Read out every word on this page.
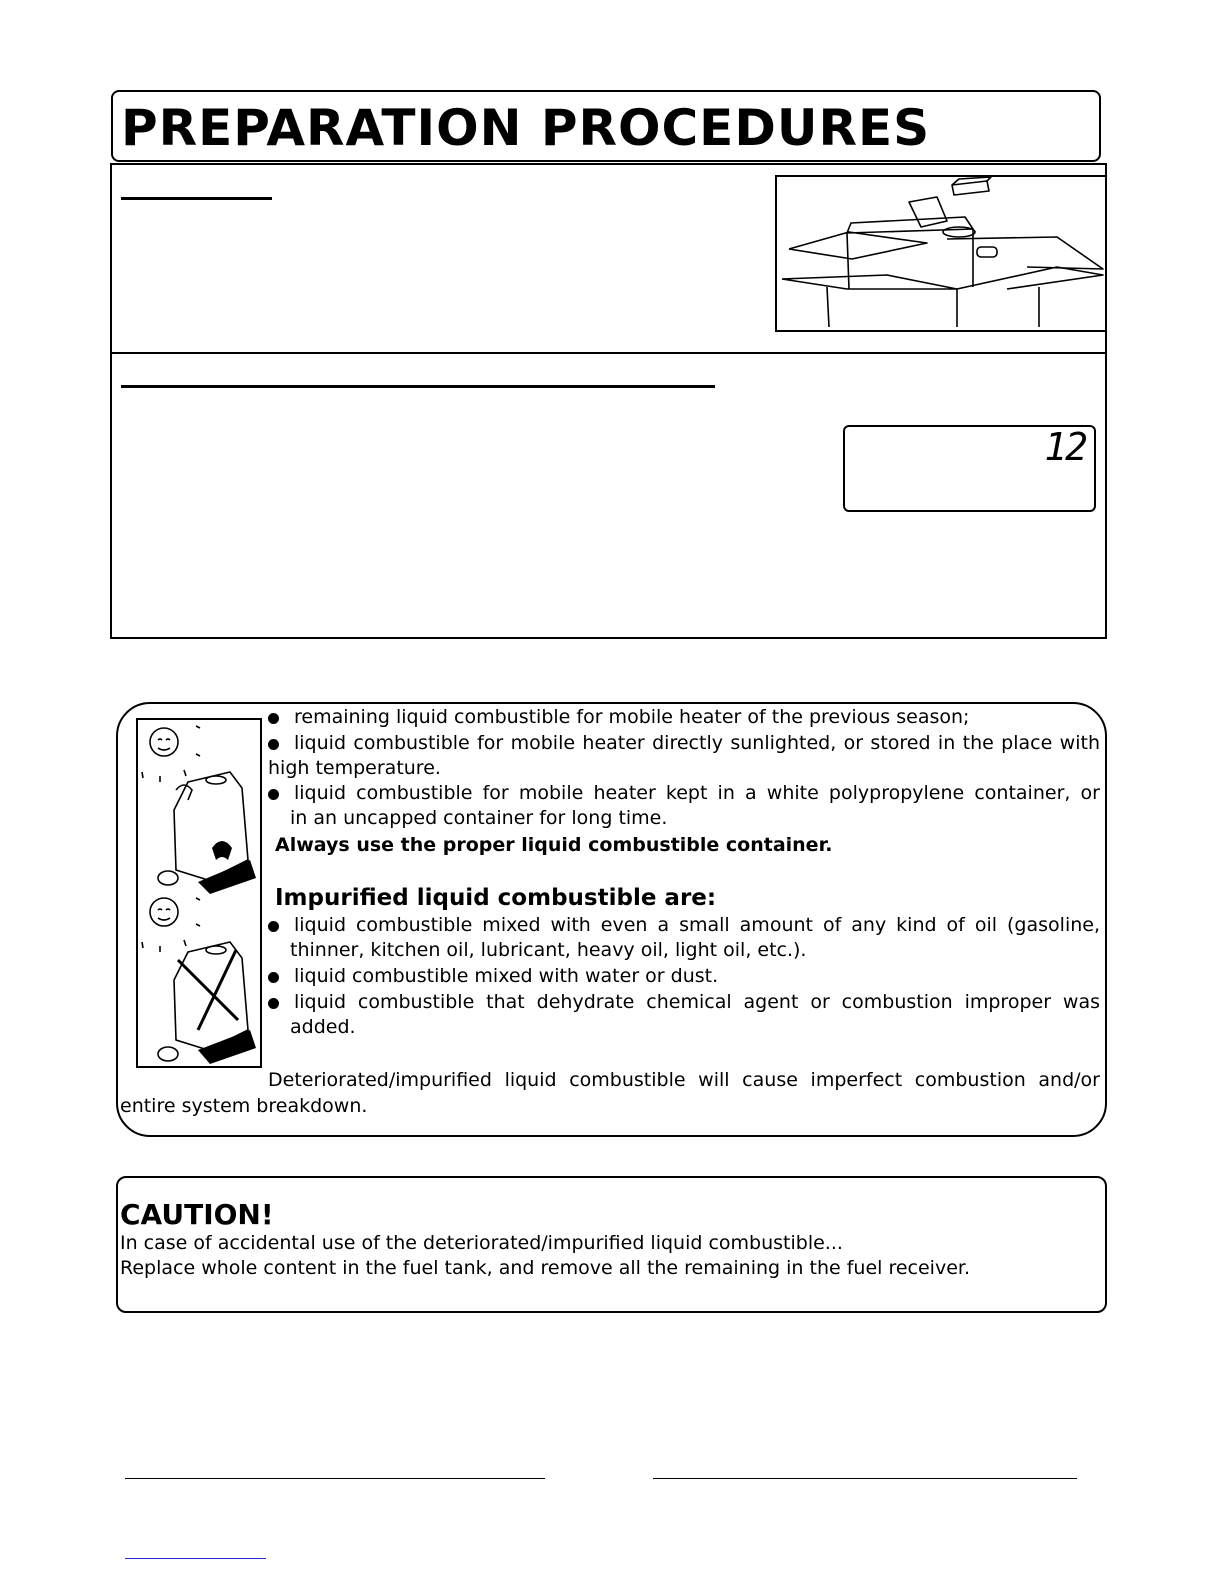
PREPARATION PROCEDURES
12
remaining liquid combustible for mobile heater of the previous season;
liquid combustible for mobile heater directly sunlighted, or stored in the place with
high temperature.
liquid combustible for mobile heater kept in a white polypropylene container, or
in an uncapped container for long time.
Always use the proper liquid combustible container.
Impurified liquid combustible are:
liquid combustible mixed with even a small amount of any kind of oil (gasoline,
thinner, kitchen oil, lubricant, heavy oil, light oil, etc.).
liquid combustible mixed with water or dust.
liquid combustible that dehydrate chemical agent or combustion improper was
added.
Deteriorated/impurified liquid combustible will cause imperfect combustion and/or
entire system breakdown.
CAUTION!
In case of accidental use of the deteriorated/impurified liquid combustible...
Replace whole content in the fuel tank, and remove all the remaining in the fuel receiver.
